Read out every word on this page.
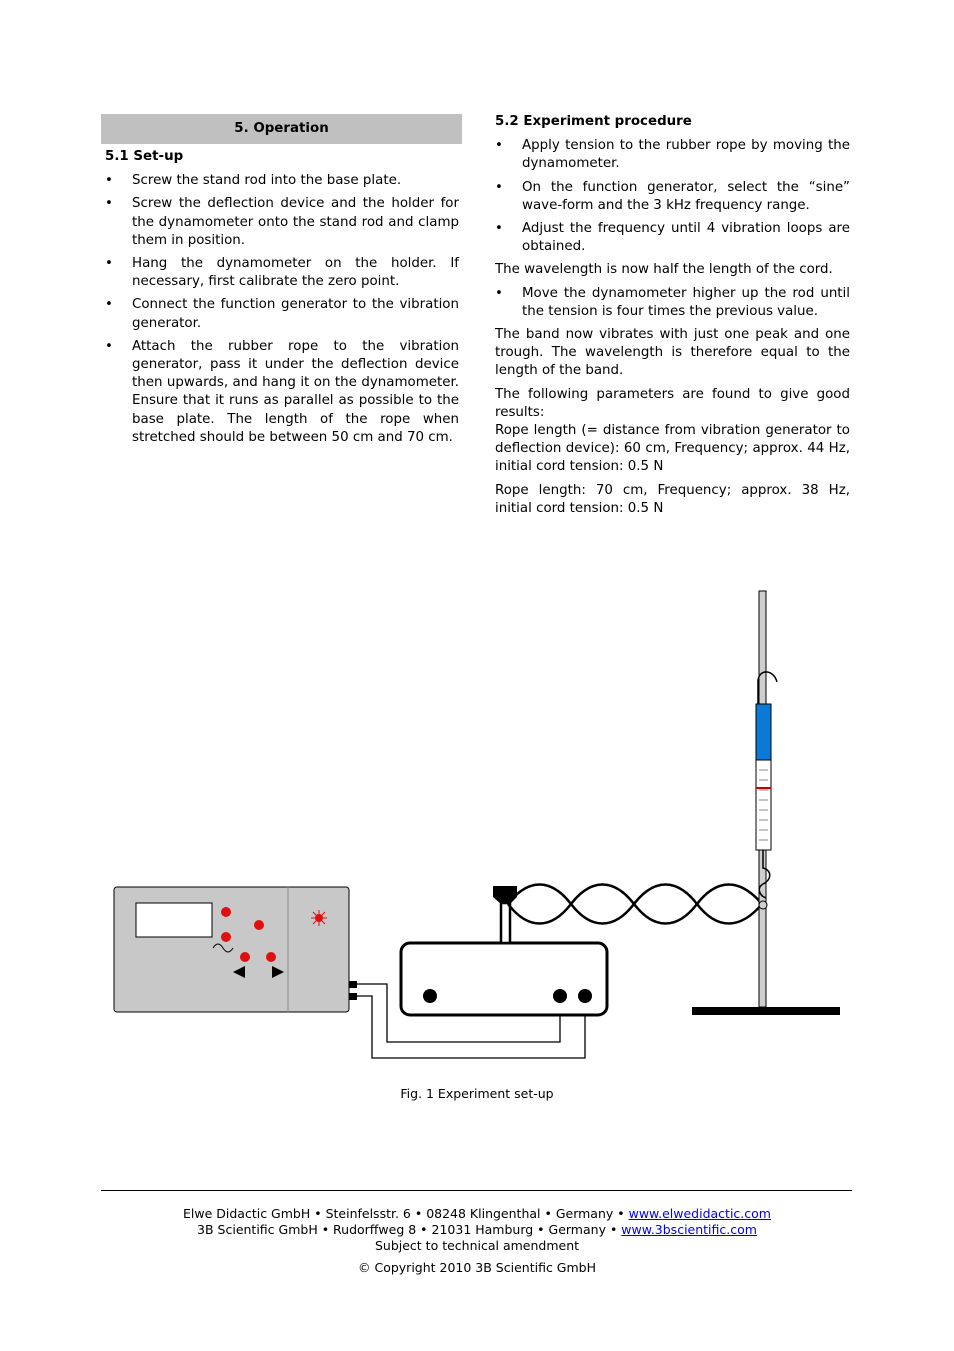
5. Operation
5.1 Set-up
• Screw the stand rod into the base plate.
• Screw the deflection device and the holder for the dynamometer onto the stand rod and clamp them in position.
• Hang the dynamometer on the holder. If necessary, first calibrate the zero point.
• Connect the function generator to the vibration generator.
• Attach the rubber rope to the vibration generator, pass it under the deflection device then upwards, and hang it on the dynamometer. Ensure that it runs as parallel as possible to the base plate. The length of the rope when stretched should be between 50 cm and 70 cm.
5.2 Experiment procedure
• Apply tension to the rubber rope by moving the dynamometer.
• On the function generator, select the “sine” wave-form and the 3 kHz frequency range.
• Adjust the frequency until 4 vibration loops are obtained.

The wavelength is now half the length of the cord.

• Move the dynamometer higher up the rod until the tension is four times the previous value.

The band now vibrates with just one peak and one trough. The wavelength is therefore equal to the length of the band.

The following parameters are found to give good results:

Rope length (= distance from vibration generator to deflection device): 60 cm, Frequency; approx. 44 Hz, initial cord tension: 0.5 N

Rope length: 70 cm, Frequency; approx. 38 Hz, initial cord tension: 0.5 N

Fig. 1 Experiment set-up
Elwe Didactic GmbH • Steinfelsstr. 6 • 08248 Klingenthal • Germany • www.elwedidactic.com
3B Scientific GmbH • Rudorffweg 8 • 21031 Hamburg • Germany • www.3bscientific.com
Subject to technical amendment
© Copyright 2010 3B Scientific GmbH
